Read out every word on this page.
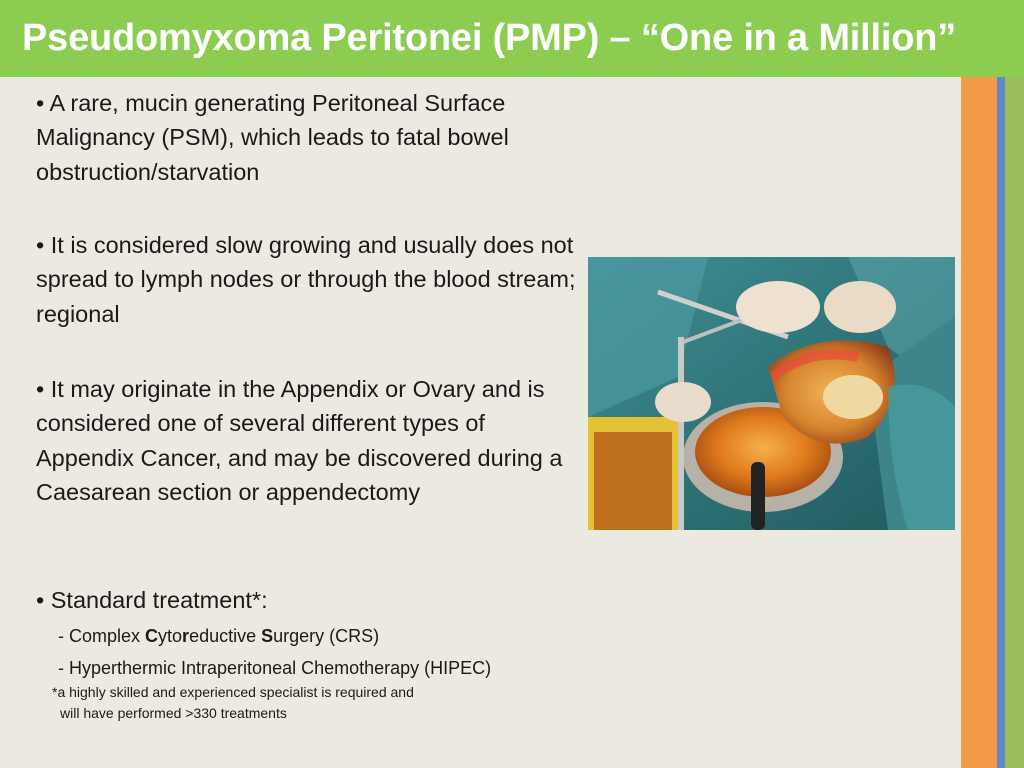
Pseudomyxoma Peritonei (PMP) – “One in a Million”

• A rare, mucin generating Peritoneal Surface Malignancy (PSM), which leads to fatal bowel obstruction/starvation

• It is considered slow growing and usually does not spread to lymph nodes or through the blood stream; regional

• It may originate in the Appendix or Ovary and is considered one of several different types of Appendix Cancer, and may be discovered during a Caesarean section or appendectomy

• Standard treatment*:

- Complex Cytoreductive Surgery (CRS)
- Hyperthermic Intraperitoneal Chemotherapy (HIPEC)
*a highly skilled and experienced specialist is required and
will have performed >330 treatments
